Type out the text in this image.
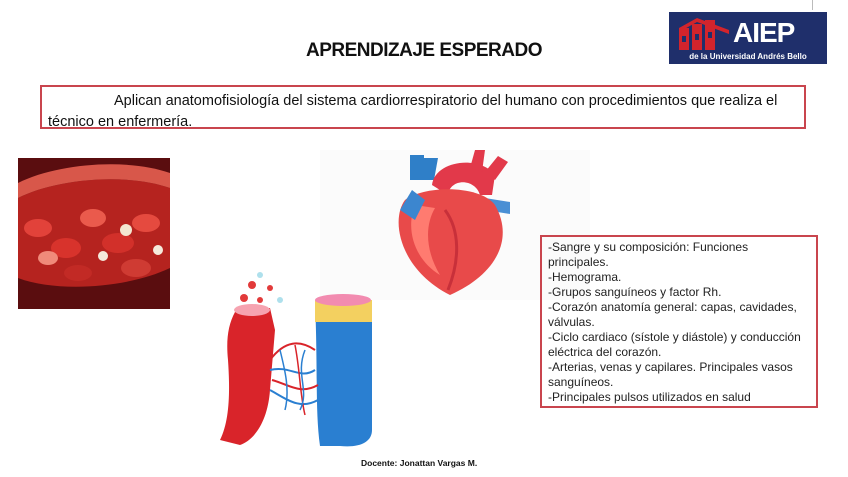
APRENDIZAJE ESPERADO
AIEP
de la Universidad Andrés Bello
Aplican anatomofisiología del sistema cardiorrespiratorio del humano con procedimientos que realiza el técnico en enfermería.
-Sangre y su composición: Funciones principales.
-Hemograma.
-Grupos sanguíneos y factor Rh.
-Corazón anatomía general: capas, cavidades, válvulas.
-Ciclo cardiaco (sístole y diástole) y conducción eléctrica del corazón.
-Arterias, venas y capilares. Principales vasos sanguíneos.
-Principales pulsos utilizados en salud
Docente: Jonattan Vargas M.
